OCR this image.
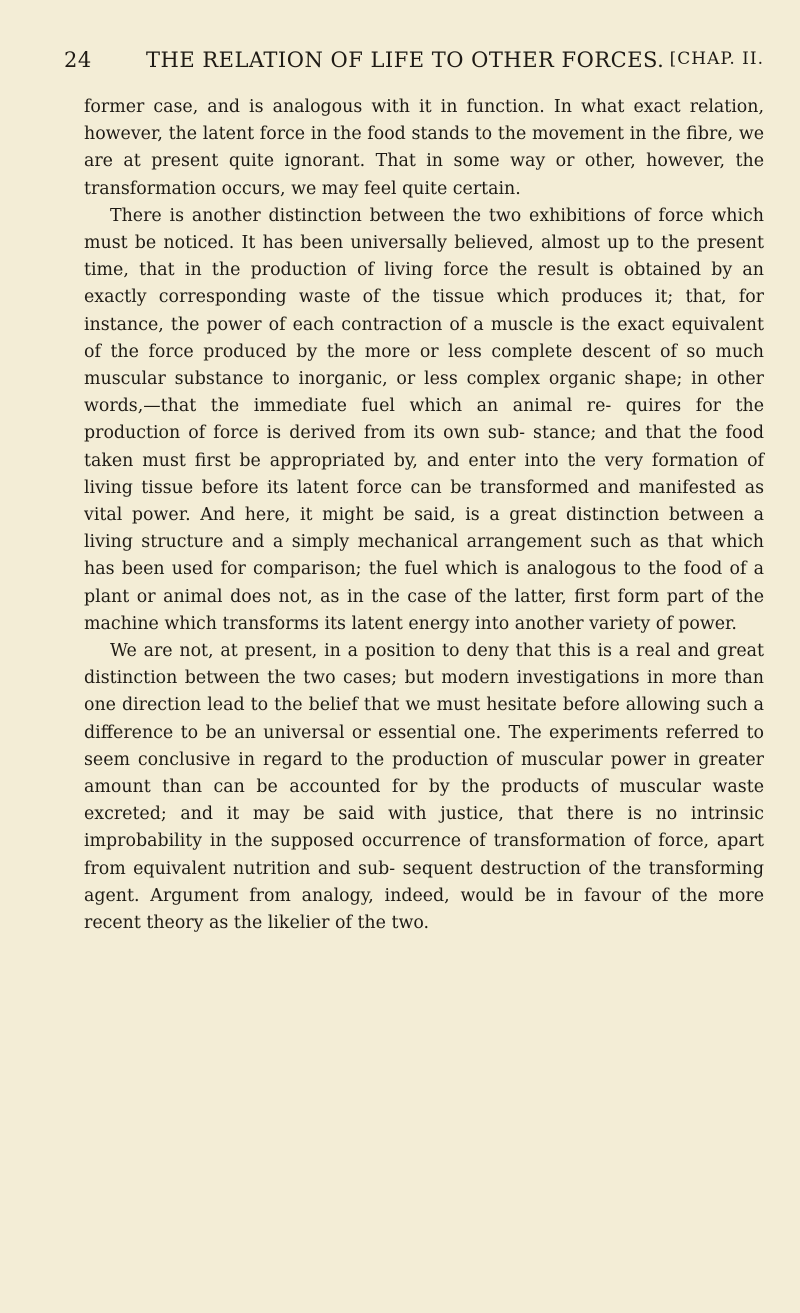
24	THE RELATION OF LIFE TO OTHER FORCES. [CHAP. II.

former case, and is analogous with it in function. In what exact relation, however, the latent force in the food stands to the movement in the fibre, we are at present quite ignorant. That in some way or other, however, the transformation occurs, we may feel quite certain.

There is another distinction between the two exhibitions of force which must be noticed. It has been universally believed, almost up to the present time, that in the production of living force the result is obtained by an exactly corresponding waste of the tissue which produces it; that, for instance, the power of each contraction of a muscle is the exact equivalent of the force produced by the more or less complete descent of so much muscular substance to inorganic, or less complex organic shape; in other words,—that the immediate fuel which an animal re- quires for the production of force is derived from its own sub- stance; and that the food taken must first be appropriated by, and enter into the very formation of living tissue before its latent force can be transformed and manifested as vital power. And here, it might be said, is a great distinction between a living structure and a simply mechanical arrangement such as that which has been used for comparison; the fuel which is analogous to the food of a plant or animal does not, as in the case of the latter, first form part of the machine which transforms its latent energy into another variety of power.

We are not, at present, in a position to deny that this is a real and great distinction between the two cases; but modern investigations in more than one direction lead to the belief that we must hesitate before allowing such a difference to be an universal or essential one. The experiments referred to seem conclusive in regard to the production of muscular power in greater amount than can be accounted for by the products of muscular waste excreted; and it may be said with justice, that there is no intrinsic improbability in the supposed occurrence of transformation of force, apart from equivalent nutrition and sub- sequent destruction of the transforming agent. Argument from analogy, indeed, would be in favour of the more recent theory as the likelier of the two.
